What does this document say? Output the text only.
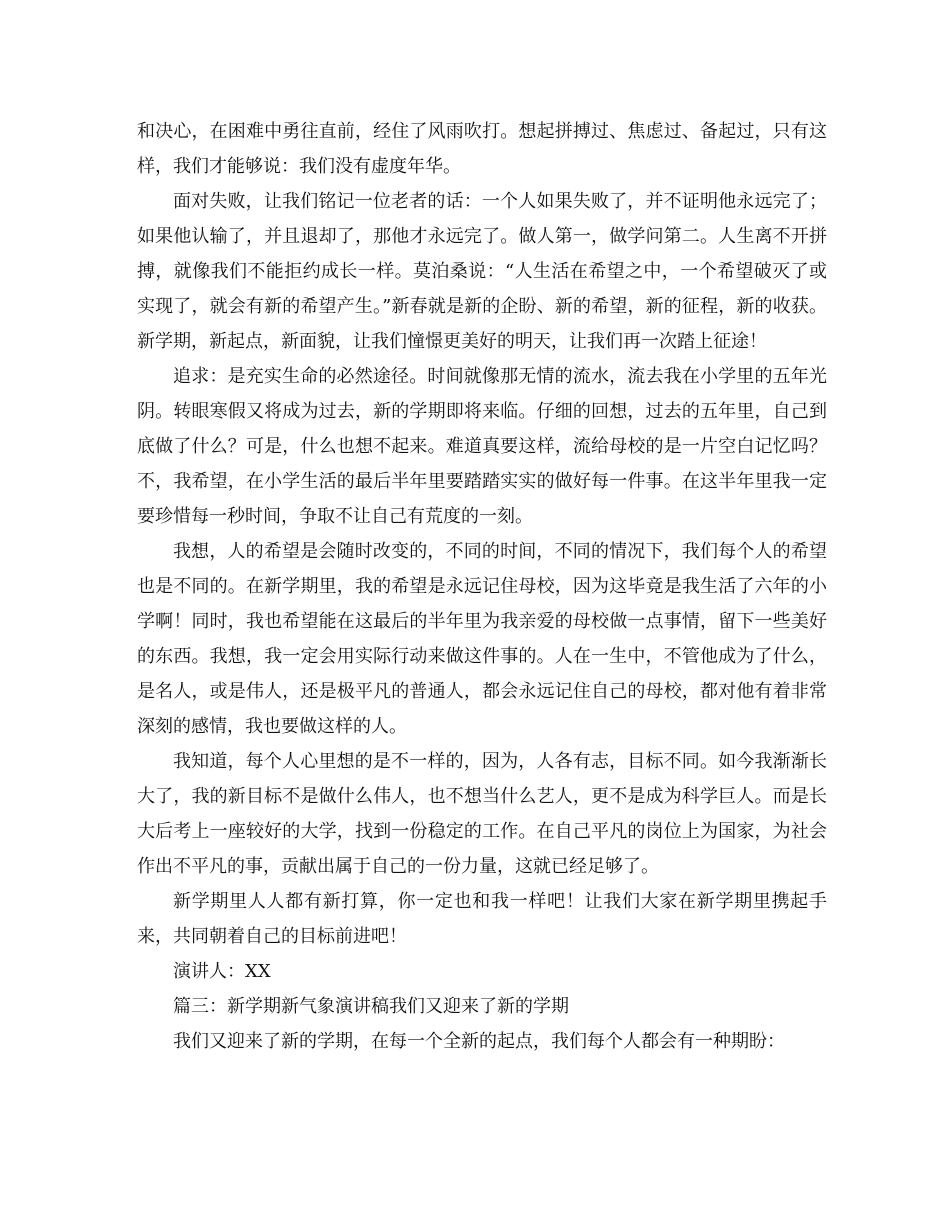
和决心，在困难中勇往直前，经住了风雨吹打。想起拼搏过、焦虑过、备起过，只有这样，我们才能够说：我们没有虚度年华。

面对失败，让我们铭记一位老者的话：一个人如果失败了，并不证明他永远完了；如果他认输了，并且退却了，那他才永远完了。做人第一，做学问第二。人生离不开拼搏，就像我们不能拒约成长一样。莫泊桑说：“人生活在希望之中，一个希望破灭了或实现了，就会有新的希望产生。”新春就是新的企盼、新的希望，新的征程，新的收获。新学期，新起点，新面貌，让我们憧憬更美好的明天，让我们再一次踏上征途！

追求：是充实生命的必然途径。时间就像那无情的流水，流去我在小学里的五年光阴。转眼寒假又将成为过去，新的学期即将来临。仔细的回想，过去的五年里，自己到底做了什么？可是，什么也想不起来。难道真要这样，流给母校的是一片空白记忆吗？不，我希望，在小学生活的最后半年里要踏踏实实的做好每一件事。在这半年里我一定要珍惜每一秒时间，争取不让自己有荒度的一刻。

我想，人的希望是会随时改变的，不同的时间，不同的情况下，我们每个人的希望也是不同的。在新学期里，我的希望是永远记住母校，因为这毕竟是我生活了六年的小学啊！同时，我也希望能在这最后的半年里为我亲爱的母校做一点事情，留下一些美好的东西。我想，我一定会用实际行动来做这件事的。人在一生中，不管他成为了什么，是名人，或是伟人，还是极平凡的普通人，都会永远记住自己的母校，都对他有着非常深刻的感情，我也要做这样的人。

我知道，每个人心里想的是不一样的，因为，人各有志，目标不同。如今我渐渐长大了，我的新目标不是做什么伟人，也不想当什么艺人，更不是成为科学巨人。而是长大后考上一座较好的大学，找到一份稳定的工作。在自己平凡的岗位上为国家，为社会作出不平凡的事，贡献出属于自己的一份力量，这就已经足够了。

新学期里人人都有新打算，你一定也和我一样吧！让我们大家在新学期里携起手来，共同朝着自己的目标前进吧！

演讲人：XX

篇三：新学期新气象演讲稿我们又迎来了新的学期

我们又迎来了新的学期，在每一个全新的起点，我们每个人都会有一种期盼：
